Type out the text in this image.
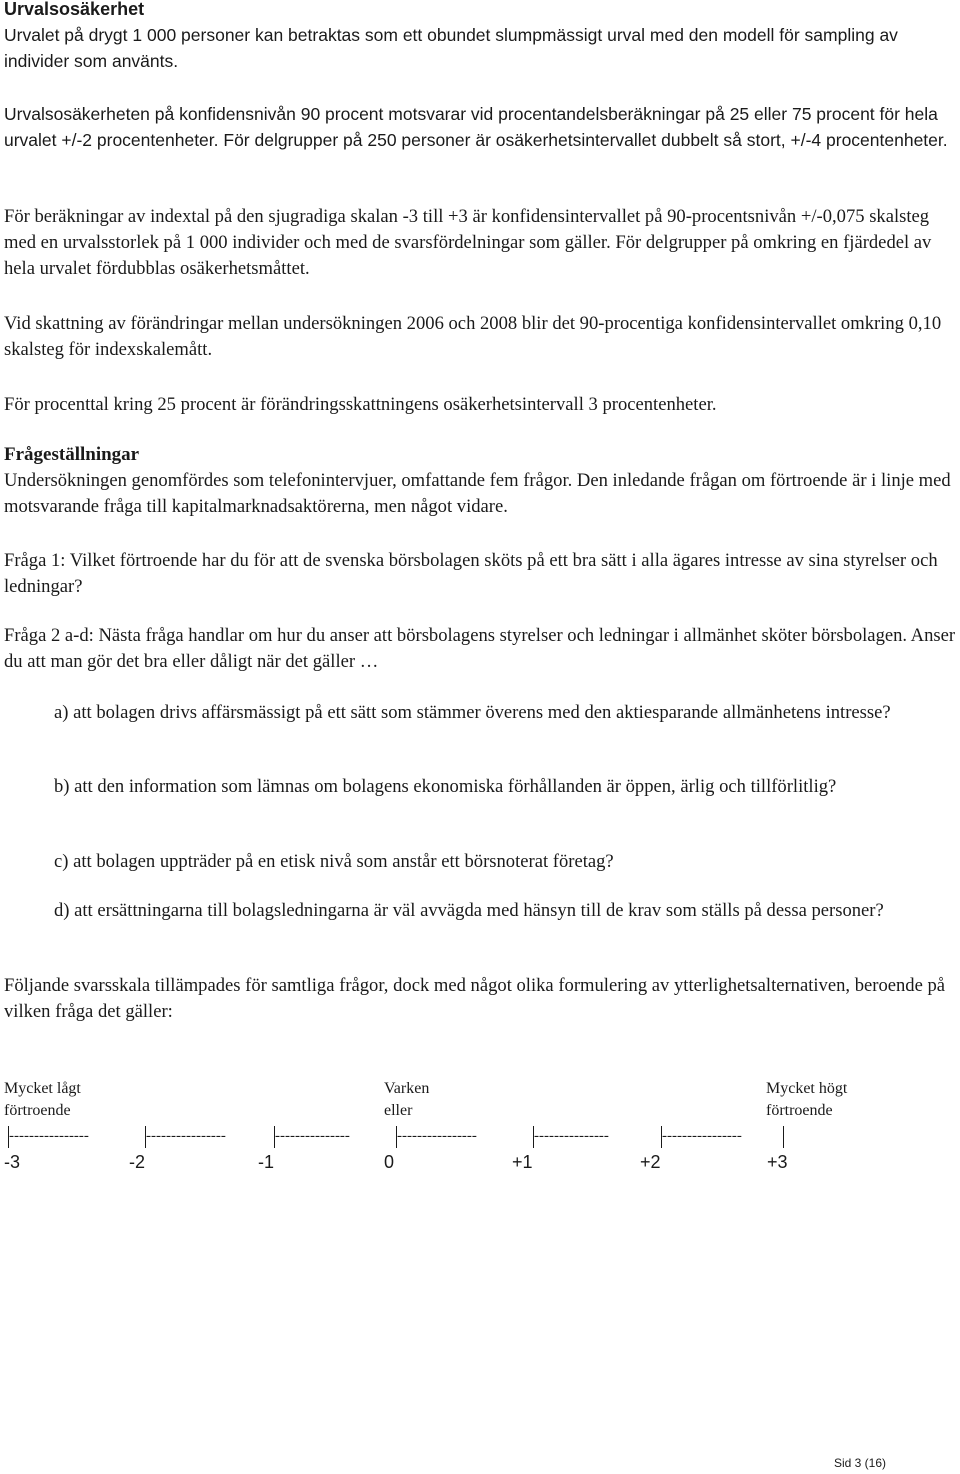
Urvalsosäkerhet

Urvalet på drygt 1 000 personer kan betraktas som ett obundet slumpmässigt urval med den modell för sampling av individer som använts.

Urvalsosäkerheten på konfidensnivån 90 procent motsvarar vid procentandelsberäkningar på 25 eller 75 procent för hela urvalet +/-2 procentenheter. För delgrupper på 250 personer är osäkerhetsintervallet dubbelt så stort, +/-4 procentenheter.

För beräkningar av indextal på den sjugradiga skalan -3 till +3 är konfidensintervallet på 90-procentsnivån +/-0,075 skalsteg med en urvalsstorlek på 1 000 individer och med de svarsfördelningar som gäller. För delgrupper på omkring en fjärdedel av hela urvalet fördubblas osäkerhetsmåttet.

Vid skattning av förändringar mellan undersökningen 2006 och 2008 blir det 90-procentiga konfidensintervallet omkring 0,10 skalsteg för indexskalemått.

För procenttal kring 25 procent är förändringsskattningens osäkerhetsintervall 3 procentenheter.

Frågeställningar

Undersökningen genomfördes som telefonintervjuer, omfattande fem frågor. Den inledande frågan om förtroende är i linje med motsvarande fråga till kapitalmarknadsaktörerna, men något vidare.

Fråga 1: Vilket förtroende har du för att de svenska börsbolagen sköts på ett bra sätt i alla ägares intresse av sina styrelser och ledningar?

Fråga 2 a-d: Nästa fråga handlar om hur du anser att börsbolagens styrelser och ledningar i allmänhet sköter börsbolagen. Anser du att man gör det bra eller dåligt när det gäller …

a) att bolagen drivs affärsmässigt på ett sätt som stämmer överens med den aktiesparande allmänhetens intresse?

b) att den information som lämnas om bolagens ekonomiska förhållanden är öppen, ärlig och tillförlitlig?

c) att bolagen uppträder på en etisk nivå som anstår ett börsnoterat företag?

d) att ersättningarna till bolagsledningarna är väl avvägda med hänsyn till de krav som ställs på dessa personer?

Följande svarsskala tillämpades för samtliga frågor, dock med något olika formulering av ytterlighetsalternativen, beroende på vilken fråga det gäller:

Mycket lågt
förtroende
Varken
eller
Mycket högt
förtroende
----------------	----------------	---------------	----------------	---------------	----------------
-3	-2	-1	0	+1	+2	+3
Sid 3 (16)
